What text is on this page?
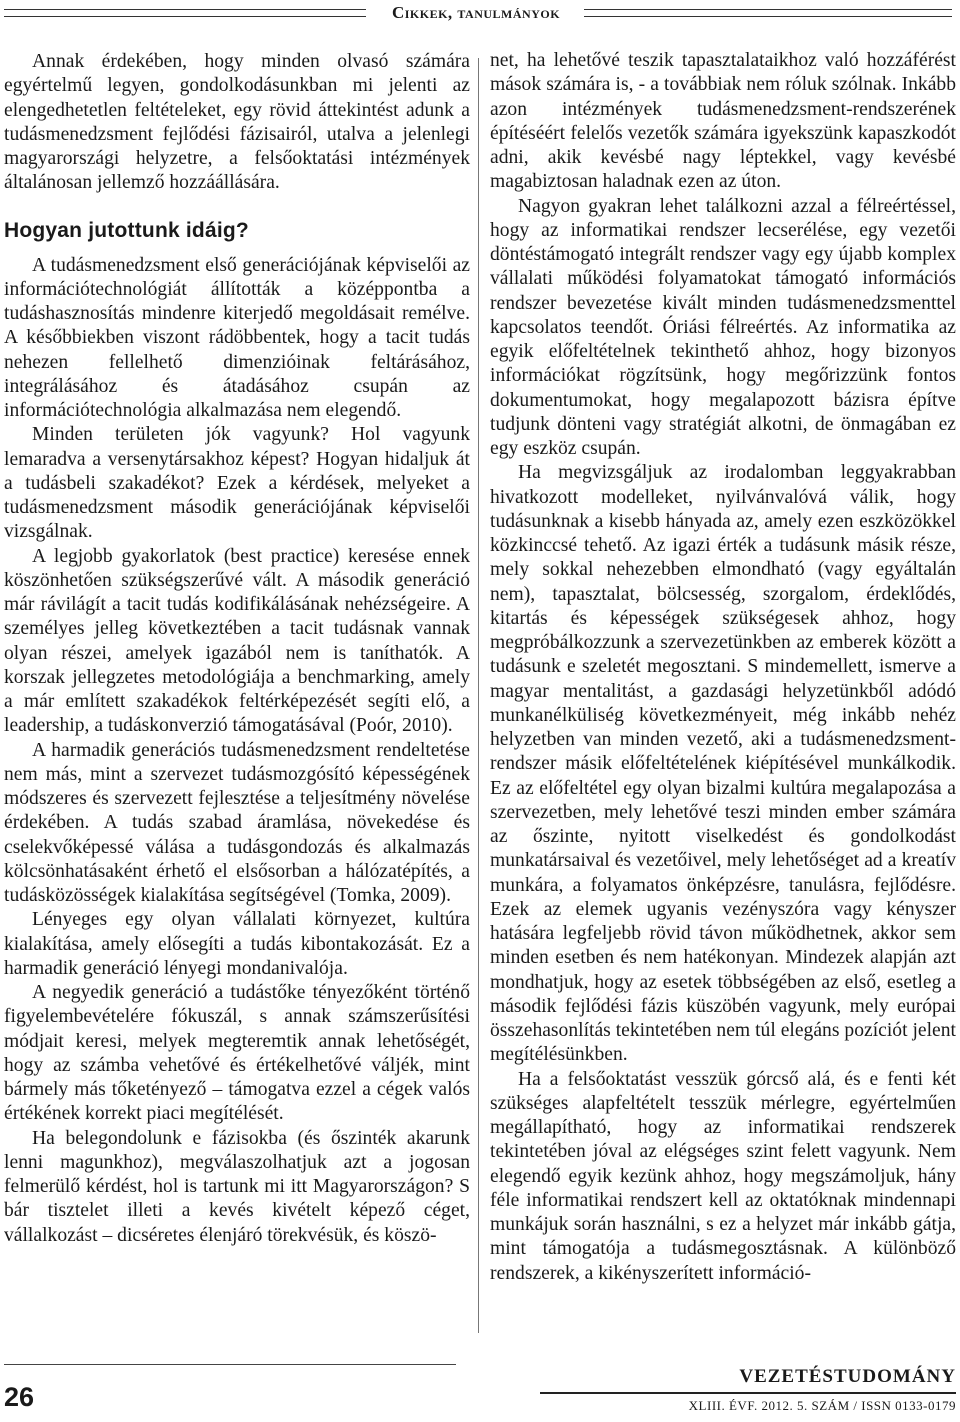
Cikkek, tanulmányok

Annak érdekében, hogy minden olvasó számára egyértelmű legyen, gondolkodásunkban mi jelenti az elengedhetetlen feltételeket, egy rövid áttekintést adunk a tudásmenedzsment fejlődési fázisairól, utalva a jelenlegi magyarországi helyzetre, a felsőoktatási intézmények általánosan jellemző hozzáállására.

Hogyan jutottunk idáig?

A tudásmenedzsment első generációjának képviselői az információtechnológiát állították a középpontba a tudáshasznosítás mindenre kiterjedő megoldásait remélve. A későbbiekben viszont rádöbbentek, hogy a tacit tudás nehezen fellelhető dimenzióinak feltárásához, integrálásához és átadásához csupán az információtechnológia alkalmazása nem elegendő.

Minden területen jók vagyunk? Hol vagyunk lemaradva a versenytársakhoz képest? Hogyan hidaljuk át a tudásbeli szakadékot? Ezek a kérdések, melyeket a tudásmenedzsment második generációjának képviselői vizsgálnak.

A legjobb gyakorlatok (best practice) keresése ennek köszönhetően szükségszerűvé vált. A második generáció már rávilágít a tacit tudás kodifikálásának nehézségeire. A személyes jelleg következtében a tacit tudásnak vannak olyan részei, amelyek igazából nem is taníthatók. A korszak jellegzetes metodológiája a benchmarking, amely a már említett szakadékok feltérképezését segíti elő, a leadership, a tudáskonverzió támogatásával (Poór, 2010).

A harmadik generációs tudásmenedzsment rendeltetése nem más, mint a szervezet tudásmozgósító képességének módszeres és szervezett fejlesztése a teljesítmény növelése érdekében. A tudás szabad áramlása, növekedése és cselekvőképessé válása a tudásgondozás és alkalmazás kölcsönhatásaként érhető el elsősorban a hálózatépítés, a tudásközösségek kialakítása segítségével (Tomka, 2009).

Lényeges egy olyan vállalati környezet, kultúra kialakítása, amely elősegíti a tudás kibontakozását. Ez a harmadik generáció lényegi mondanivalója.

A negyedik generáció a tudástőke tényezőként történő figyelembevételére fókuszál, s annak számszerűsítési módjait keresi, melyek megteremtik annak lehetőségét, hogy az számba vehetővé és értékelhetővé váljék, mint bármely más tőketényező – támogatva ezzel a cégek valós értékének korrekt piaci megítélését.

Ha belegondolunk e fázisokba (és őszinték akarunk lenni magunkhoz), megválaszolhatjuk azt a jogosan felmerülő kérdést, hol is tartunk mi itt Magyarországon? S bár tisztelet illeti a kevés kivételt képező céget, vállalkozást – dicséretes élenjáró törekvésük, és köszö-

net, ha lehetővé teszik tapasztalataikhoz való hozzáférést mások számára is, - a továbbiak nem róluk szólnak. Inkább azon intézmények tudásmenedzsment-rendszerének építéséért felelős vezetők számára igyekszünk kapaszkodót adni, akik kevésbé nagy léptekkel, vagy kevésbé magabiztosan haladnak ezen az úton.

Nagyon gyakran lehet találkozni azzal a félreértéssel, hogy az informatikai rendszer lecserélése, egy vezetői döntéstámogató integrált rendszer vagy egy újabb komplex vállalati működési folyamatokat támogató információs rendszer bevezetése kivált minden tudásmenedzsmenttel kapcsolatos teendőt. Óriási félreértés. Az informatika az egyik előfeltételnek tekinthető ahhoz, hogy bizonyos információkat rögzítsünk, hogy megőrizzünk fontos dokumentumokat, hogy megalapozott bázisra építve tudjunk dönteni vagy stratégiát alkotni, de önmagában ez egy eszköz csupán.

Ha megvizsgáljuk az irodalomban leggyakrabban hivatkozott modelleket, nyilvánvalóvá válik, hogy tudásunknak a kisebb hányada az, amely ezen eszközökkel közkinccsé tehető. Az igazi érték a tudásunk másik része, mely sokkal nehezebben elmondható (vagy egyáltalán nem), tapasztalat, bölcsesség, szorgalom, érdeklődés, kitartás és képességek szükségesek ahhoz, hogy megpróbálkozzunk a szervezetünkben az emberek között a tudásunk e szeletét megosztani. S mindemellett, ismerve a magyar mentalitást, a gazdasági helyzetünkből adódó munkanélküliség következményeit, még inkább nehéz helyzetben van minden vezető, aki a tudásmenedzsment-rendszer másik előfeltételének kiépítésével munkálkodik. Ez az előfeltétel egy olyan bizalmi kultúra megalapozása a szervezetben, mely lehetővé teszi minden ember számára az őszinte, nyitott viselkedést és gondolkodást munkatársaival és vezetőivel, mely lehetőséget ad a kreatív munkára, a folyamatos önképzésre, tanulásra, fejlődésre. Ezek az elemek ugyanis vezényszóra vagy kényszer hatására legfeljebb rövid távon működhetnek, akkor sem minden esetben és nem hatékonyan. Mindezek alapján azt mondhatjuk, hogy az esetek többségében az első, esetleg a második fejlődési fázis küszöbén vagyunk, mely európai összehasonlítás tekintetében nem túl elegáns pozíciót jelent megítélésünkben.

Ha a felsőoktatást vesszük górcső alá, és e fenti két szükséges alapfeltételt tesszük mérlegre, egyértelműen megállapítható, hogy az informatikai rendszerek tekintetében jóval az elégséges szint felett vagyunk. Nem elegendő egyik kezünk ahhoz, hogy megszámoljuk, hány féle informatikai rendszert kell az oktatóknak mindennapi munkájuk során használni, s ez a helyzet már inkább gátja, mint támogatója a tudásmegosztásnak. A különböző rendszerek, a kikényszerített információ-

26
VEZETÉSTUDOMÁNY
XLIII. ÉVF. 2012. 5. SZÁM / ISSN 0133-0179
